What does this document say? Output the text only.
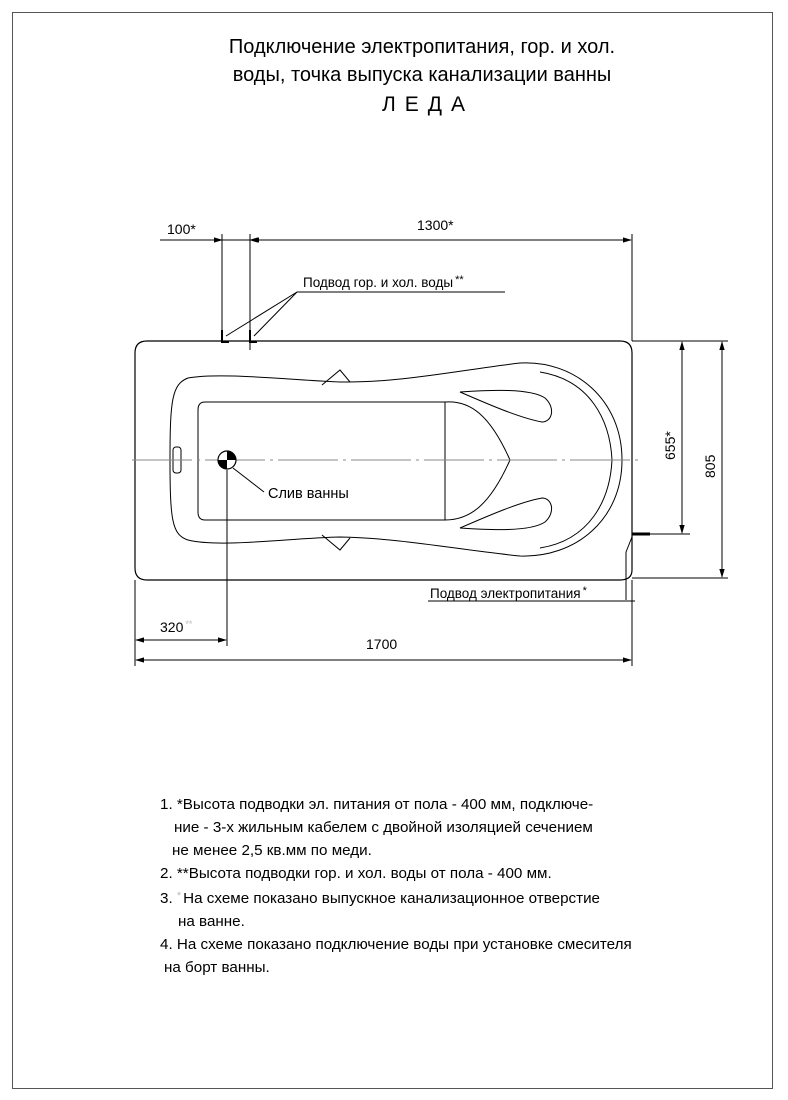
Подключение электропитания, гор. и хол.
воды, точка выпуска канализации ванны
ЛЕДА
100*	1300*
Подвод гор. и хол. воды **
Слив ванны
Подвод электропитания *
320 **
1700
655*
805
1. *Высота подводки эл. питания от пола - 400 мм, подключе-
ние - 3-х жильным кабелем с двойной изоляцией сечением
не менее 2,5 кв.мм по меди.
2. **Высота подводки гор. и хол. воды от пола - 400 мм.
3. * На схеме показано выпускное канализационное отверстие
на ванне.
4. На схеме показано подключение воды при установке смесителя
на борт ванны.
